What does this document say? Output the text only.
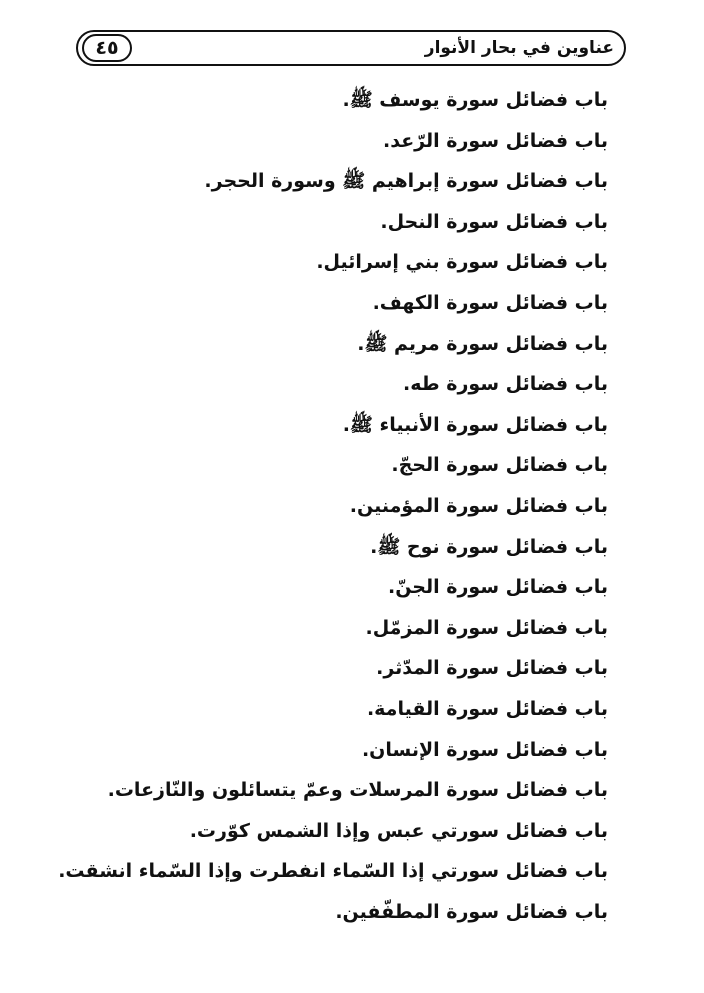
٤٥	عناوين في بحار الأنوار
باب فضائل سورة يوسف ﷺ.
باب فضائل سورة الرّعد.
باب فضائل سورة إبراهيم ﷺ وسورة الحجر.
باب فضائل سورة النحل.
باب فضائل سورة بني إسرائيل.
باب فضائل سورة الكهف.
باب فضائل سورة مريم ﷺ.
باب فضائل سورة طه.
باب فضائل سورة الأنبياء ﷺ.
باب فضائل سورة الحجّ.
باب فضائل سورة المؤمنين.
باب فضائل سورة نوح ﷺ.
باب فضائل سورة الجنّ.
باب فضائل سورة المزمّل.
باب فضائل سورة المدّثر.
باب فضائل سورة القيامة.
باب فضائل سورة الإنسان.
باب فضائل سورة المرسلات وعمّ يتسائلون والنّازعات.
باب فضائل سورتي عبس وإذا الشمس كوّرت.
باب فضائل سورتي إذا السّماء انفطرت وإذا السّماء انشقت.
باب فضائل سورة المطفّفين.
